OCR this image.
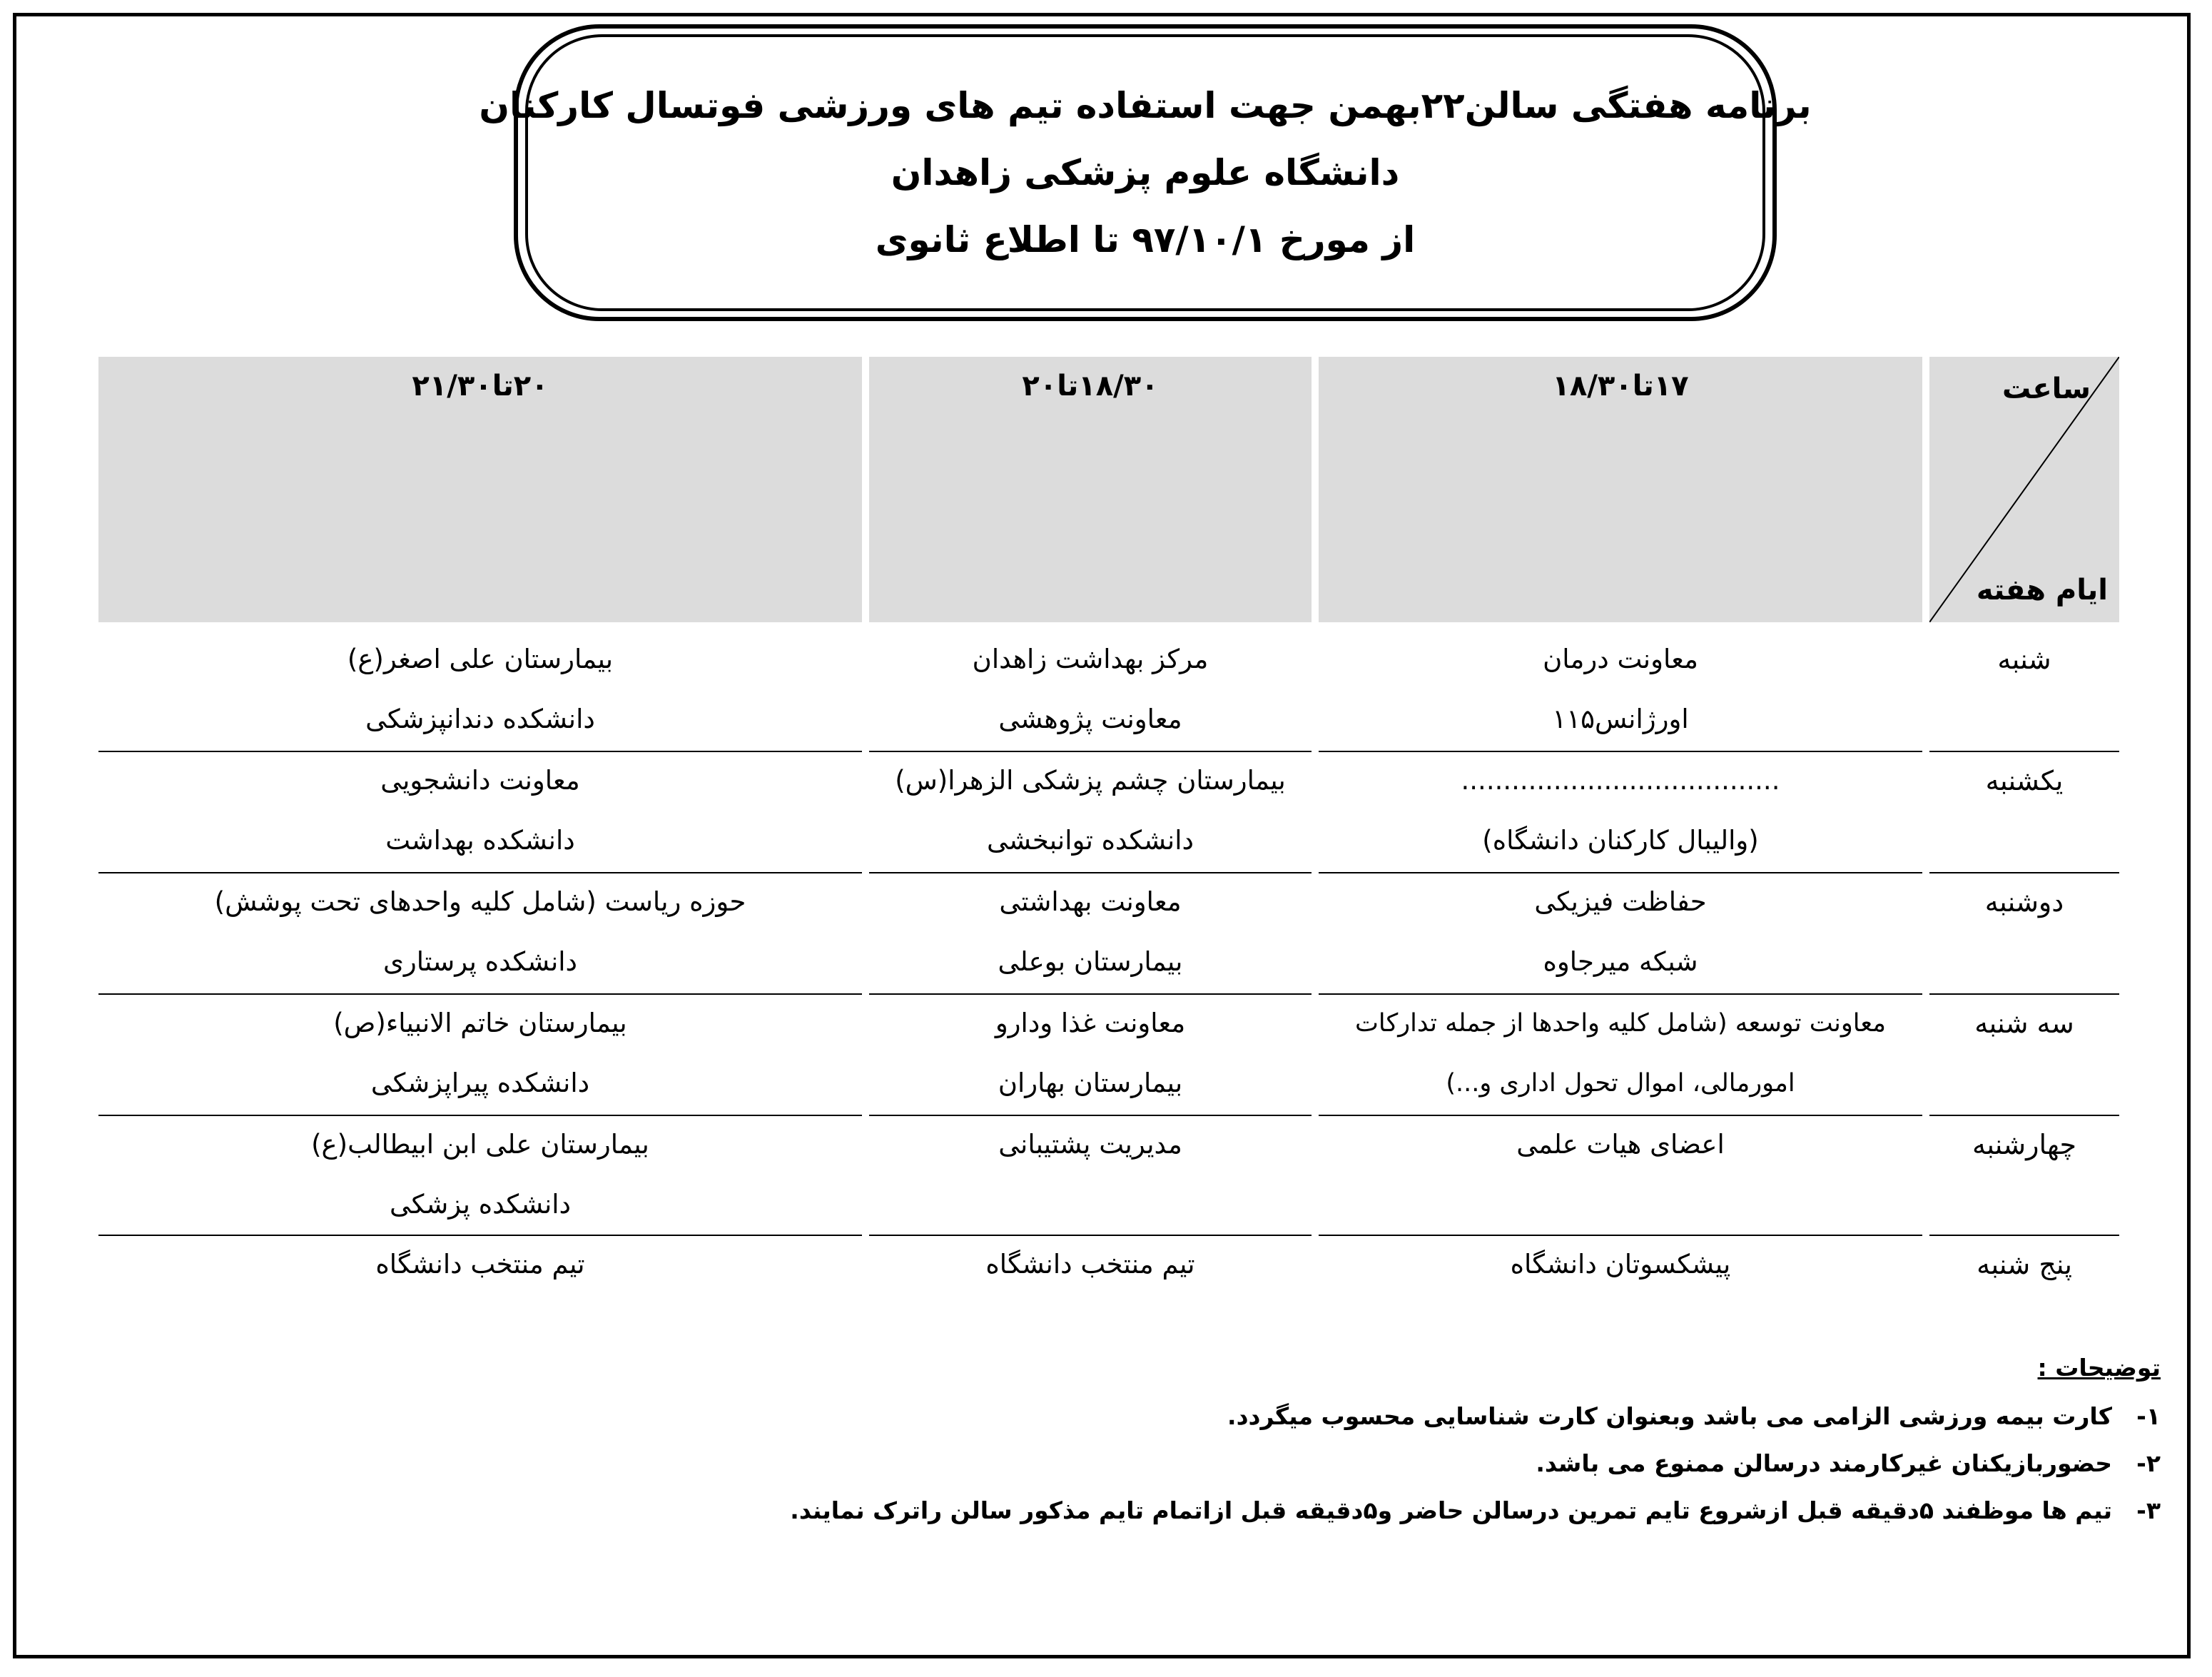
برنامه هفتگی سالن۲۲بهمن جهت استفاده تیم های ورزشی فوتسال کارکنان
دانشگاه علوم پزشکی زاهدان
از مورخ ۹۷/۱۰/۱ تا اطلاع ثانوی
ساعت
ایام هفته
۱۷تا۱۸/۳۰
۱۸/۳۰تا۲۰
۲۰تا۲۱/۳۰
شنبه
معاونت درمان
اورژانس۱۱۵
مرکز بهداشت زاهدان
معاونت پژوهشی
بیمارستان علی اصغر(ع)
دانشکده دندانپزشکی
یکشنبه
......................................
(والیبال کارکنان دانشگاه)
بیمارستان چشم پزشکی الزهرا(س)
دانشکده توانبخشی
معاونت دانشجویی
دانشکده بهداشت
دوشنبه
حفاظت فیزیکی
شبکه میرجاوه
معاونت بهداشتی
بیمارستان بوعلی
حوزه ریاست (شامل کلیه واحدهای تحت پوشش)
دانشکده پرستاری
سه شنبه
معاونت توسعه (شامل کلیه واحدها از جمله تدارکات
امورمالی، اموال تحول اداری و...)
معاونت غذا ودارو
بیمارستان بهاران
بیمارستان خاتم الانبیاء(ص)
دانشکده پیراپزشکی
چهارشنبه
اعضای هیات علمی
مدیریت پشتیبانی
بیمارستان علی ابن ابیطالب(ع)
دانشکده پزشکی
پنج شنبه
پیشکسوتان دانشگاه
تیم منتخب دانشگاه
تیم منتخب دانشگاه
توضیحات :
۱-کارت بیمه ورزشی الزامی می باشد وبعنوان کارت شناسایی محسوب میگردد.
۲-حضوربازیکنان غیرکارمند درسالن ممنوع می باشد.
۳-تیم ها موظفند ۵دقیقه قبل ازشروع تایم تمرین درسالن حاضر و۵دقیقه قبل ازاتمام تایم مذکور سالن راترک نمایند.
